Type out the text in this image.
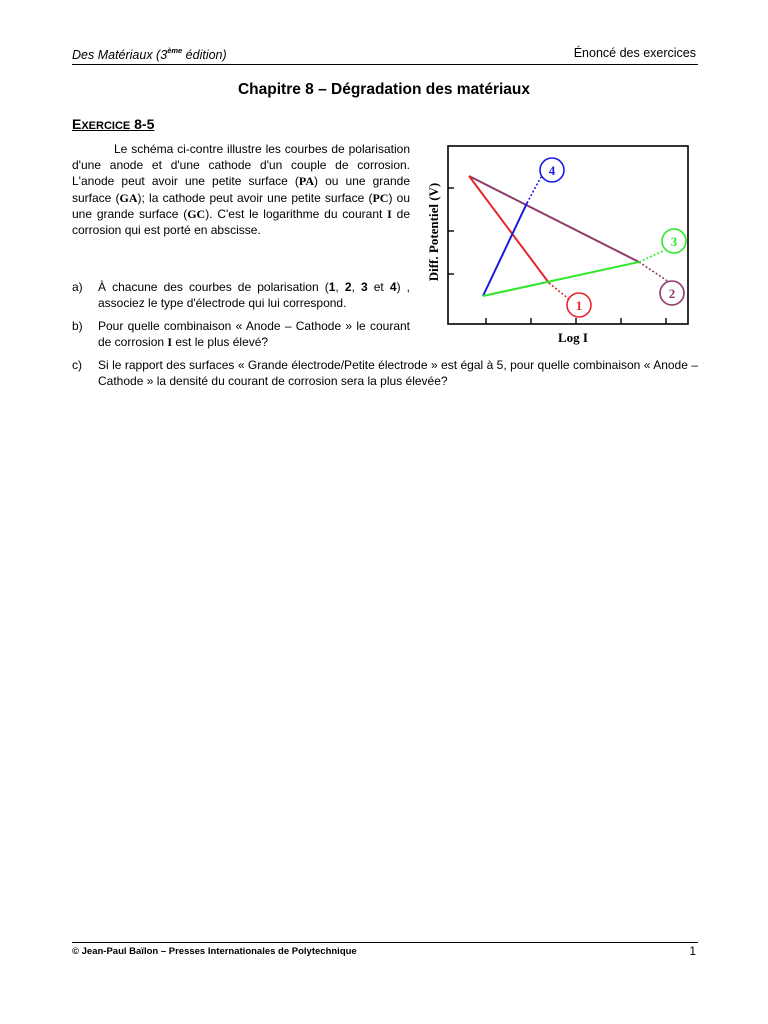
Des Matériaux (3ème édition)	Énoncé des exercices
Chapitre 8 – Dégradation des matériaux
EXERCICE 8-5

Le schéma ci-contre illustre les courbes de polarisation d'une anode et d'une cathode d'un couple de corrosion. L'anode peut avoir une petite surface (PA) ou une grande surface (GA); la cathode peut avoir une petite surface (PC) ou une grande surface (GC). C'est le logarithme du courant I de corrosion qui est porté en abscisse.

a) À chacune des courbes de polarisation (1, 2, 3 et 4) , associez le type d'électrode qui lui correspond.
b) Pour quelle combinaison « Anode – Cathode » le courant de corrosion I est le plus élevé?
c) Si le rapport des surfaces « Grande électrode/Petite électrode » est égal à 5, pour quelle combinaison « Anode – Cathode » la densité du courant de corrosion sera la plus élevée?
4
3
2
1
Diff. Potentiel (V)
Log I
© Jean-Paul Baïlon – Presses Internationales de Polytechnique	1
